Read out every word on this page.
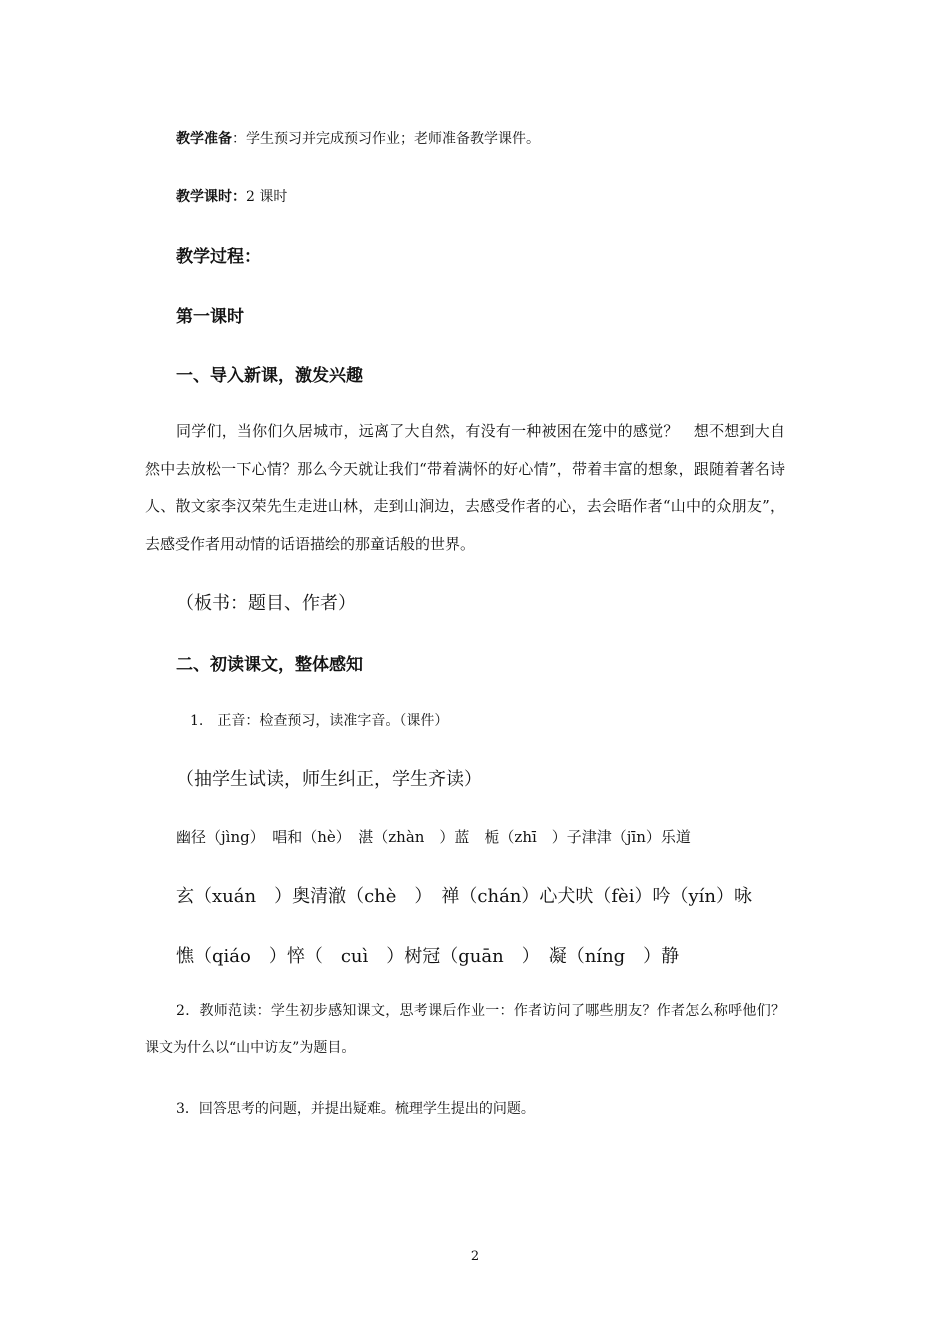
教学准备：学生预习并完成预习作业；老师准备教学课件。
教学课时：2 课时
教学过程：
第一课时
一、导入新课，激发兴趣
同学们，当你们久居城市，远离了大自然，有没有一种被困在笼中的感觉？　想不想到大自然中去放松一下心情？那么今天就让我们“带着满怀的好心情”，带着丰富的想象，跟随着著名诗人、散文家李汉荣先生走进山林，走到山涧边，去感受作者的心，去会晤作者“山中的众朋友”，去感受作者用动情的话语描绘的那童话般的世界。
（板书：题目、作者）
二、初读课文，整体感知
1.　正音：检查预习，读准字音。（课件）
（抽学生试读，师生纠正，学生齐读）
幽径（jìng）　唱和（hè）　湛（zhàn　）蓝　栀（zhī　）子津津（jīn）乐道
玄（xuán　）奥清澈（chè　）　禅（chán）心犬吠（fèi）吟（yín）咏
憔（qiáo　）悴（　cuì　）树冠（guān　）　凝（níng　）静
2．教师范读：学生初步感知课文，思考课后作业一：作者访问了哪些朋友？作者怎么称呼他们？课文为什么以“山中访友”为题目。
3．回答思考的问题，并提出疑难。梳理学生提出的问题。
2
